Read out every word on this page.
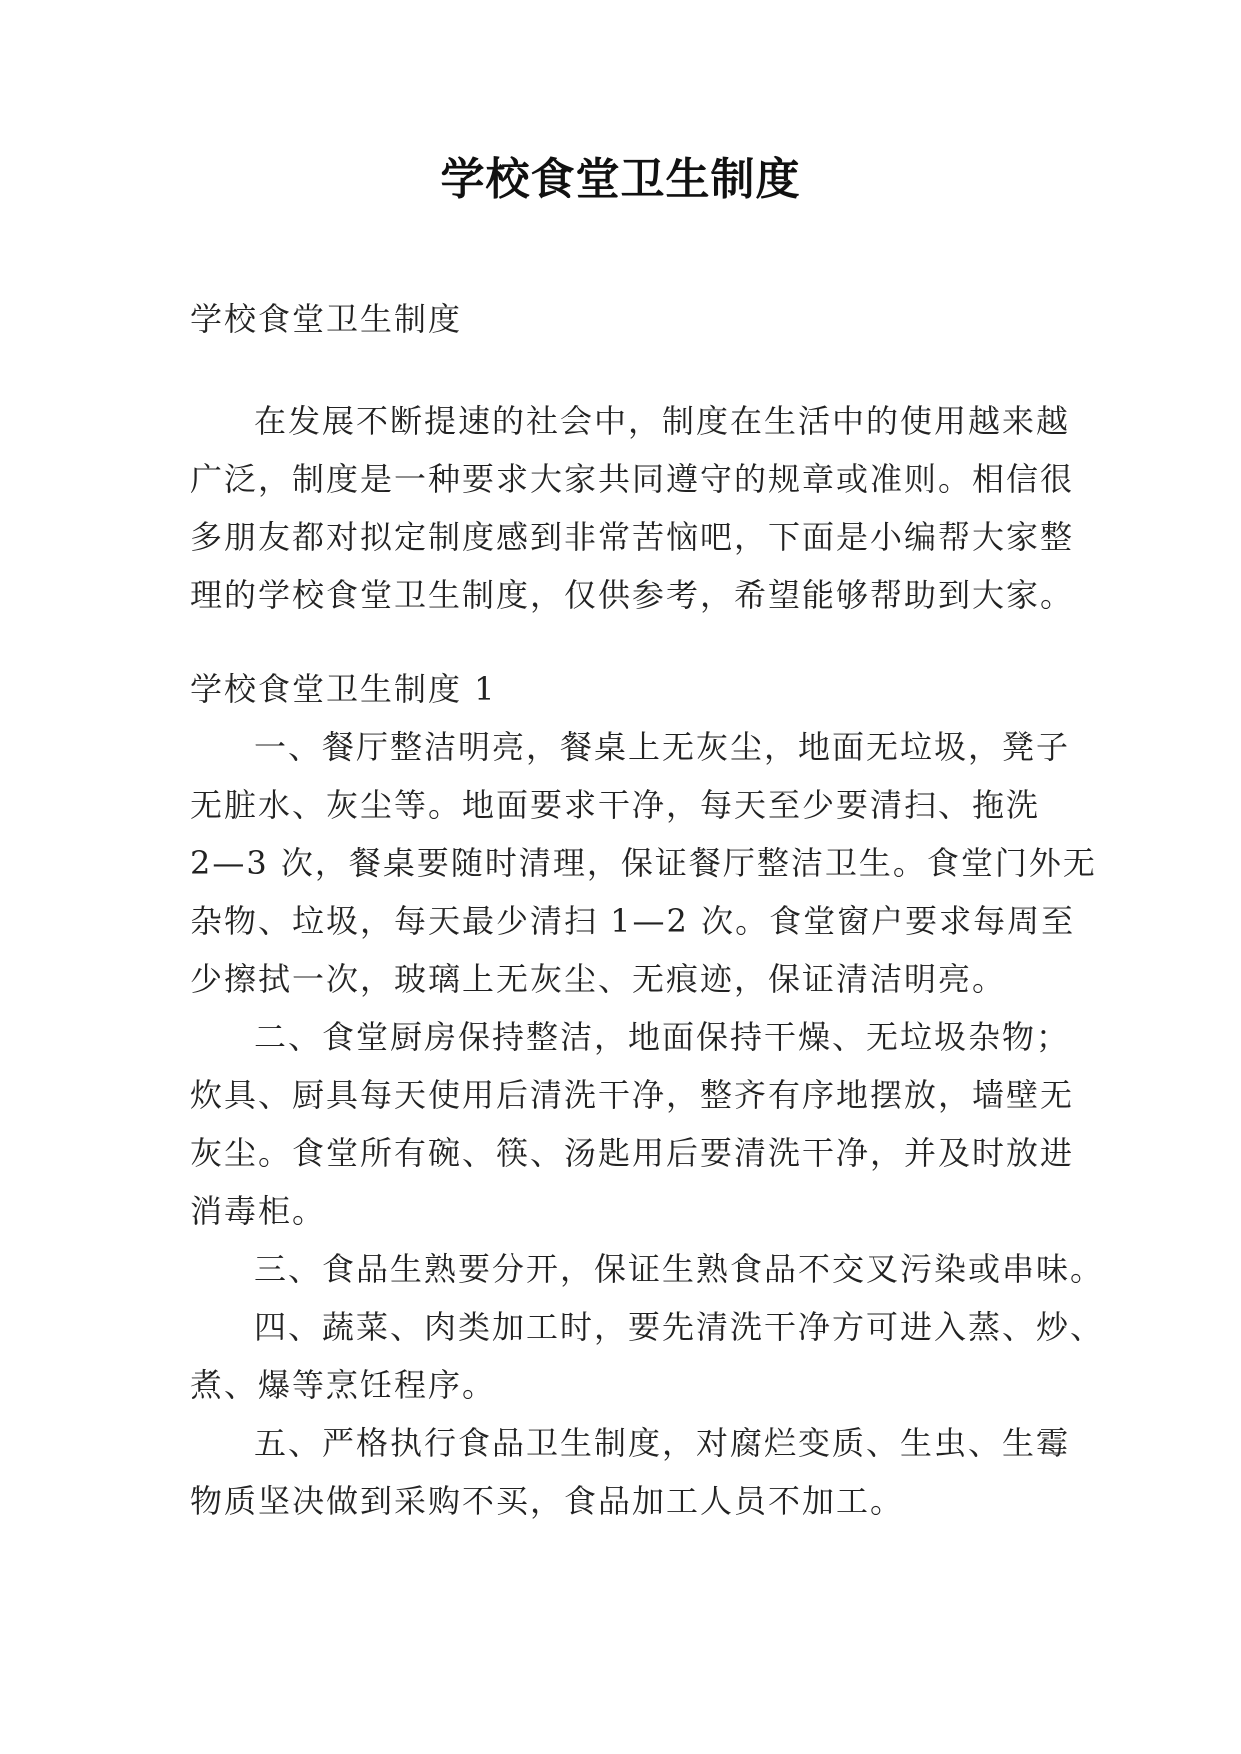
学校食堂卫生制度
学校食堂卫生制度
在发展不断提速的社会中，制度在生活中的使用越来越
广泛，制度是一种要求大家共同遵守的规章或准则。相信很
多朋友都对拟定制度感到非常苦恼吧，下面是小编帮大家整
理的学校食堂卫生制度，仅供参考，希望能够帮助到大家。
学校食堂卫生制度 1
一、餐厅整洁明亮，餐桌上无灰尘，地面无垃圾，凳子
无脏水、灰尘等。地面要求干净，每天至少要清扫、拖洗
2—3 次，餐桌要随时清理，保证餐厅整洁卫生。食堂门外无
杂物、垃圾，每天最少清扫 1—2 次。食堂窗户要求每周至
少擦拭一次，玻璃上无灰尘、无痕迹，保证清洁明亮。
二、食堂厨房保持整洁，地面保持干燥、无垃圾杂物；
炊具、厨具每天使用后清洗干净，整齐有序地摆放，墙壁无
灰尘。食堂所有碗、筷、汤匙用后要清洗干净，并及时放进
消毒柜。
三、食品生熟要分开，保证生熟食品不交叉污染或串味。
四、蔬菜、肉类加工时，要先清洗干净方可进入蒸、炒、
煮、爆等烹饪程序。
五、严格执行食品卫生制度，对腐烂变质、生虫、生霉
物质坚决做到采购不买，食品加工人员不加工。
